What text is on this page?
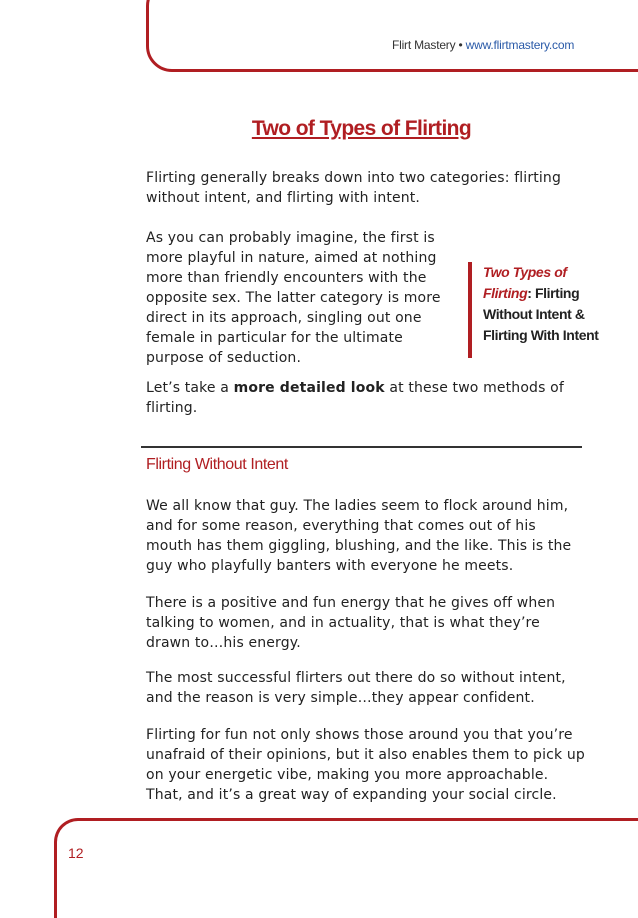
Flirt Mastery • www.flirtmastery.com
Two of Types of Flirting

Flirting generally breaks down into two categories: flirting without intent, and flirting with intent.

As you can probably imagine, the first is more playful in nature, aimed at nothing more than friendly encounters with the opposite sex. The latter category is more direct in its approach, singling out one female in particular for the ultimate purpose of seduction.

Two Types of Flirting: Flirting Without Intent & Flirting With Intent

Let’s take a more detailed look at these two methods of flirting.

Flirting Without Intent

We all know that guy. The ladies seem to flock around him, and for some reason, everything that comes out of his mouth has them giggling, blushing, and the like. This is the guy who playfully banters with everyone he meets.

There is a positive and fun energy that he gives off when talking to women, and in actuality, that is what they’re drawn to…his energy.

The most successful flirters out there do so without intent, and the reason is very simple…they appear confident.

Flirting for fun not only shows those around you that you’re unafraid of their opinions, but it also enables them to pick up on your energetic vibe, making you more approachable. That, and it’s a great way of expanding your social circle.

12
